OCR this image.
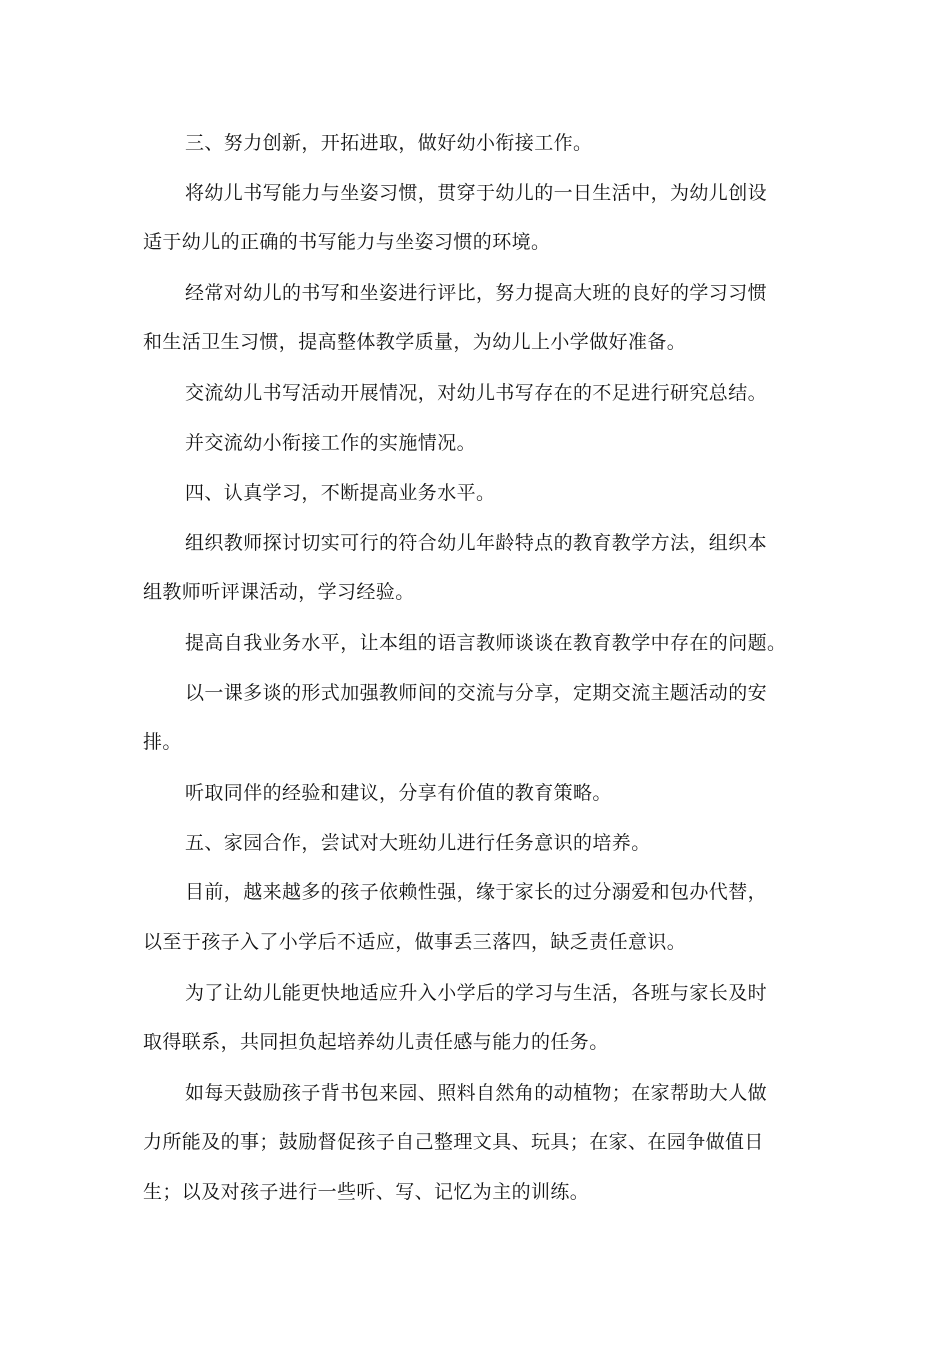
三、努力创新，开拓进取，做好幼小衔接工作。
将幼儿书写能力与坐姿习惯，贯穿于幼儿的一日生活中，为幼儿创设
适于幼儿的正确的书写能力与坐姿习惯的环境。
经常对幼儿的书写和坐姿进行评比，努力提高大班的良好的学习习惯
和生活卫生习惯，提高整体教学质量，为幼儿上小学做好准备。
交流幼儿书写活动开展情况，对幼儿书写存在的不足进行研究总结。
并交流幼小衔接工作的实施情况。
四、认真学习，不断提高业务水平。
组织教师探讨切实可行的符合幼儿年龄特点的教育教学方法，组织本
组教师听评课活动，学习经验。
提高自我业务水平，让本组的语言教师谈谈在教育教学中存在的问题。
以一课多谈的形式加强教师间的交流与分享，定期交流主题活动的安
排。
听取同伴的经验和建议，分享有价值的教育策略。
五、家园合作，尝试对大班幼儿进行任务意识的培养。
目前，越来越多的孩子依赖性强，缘于家长的过分溺爱和包办代替，
以至于孩子入了小学后不适应，做事丢三落四，缺乏责任意识。
为了让幼儿能更快地适应升入小学后的学习与生活，各班与家长及时
取得联系，共同担负起培养幼儿责任感与能力的任务。
如每天鼓励孩子背书包来园、照料自然角的动植物；在家帮助大人做
力所能及的事；鼓励督促孩子自己整理文具、玩具；在家、在园争做值日
生；以及对孩子进行一些听、写、记忆为主的训练。
